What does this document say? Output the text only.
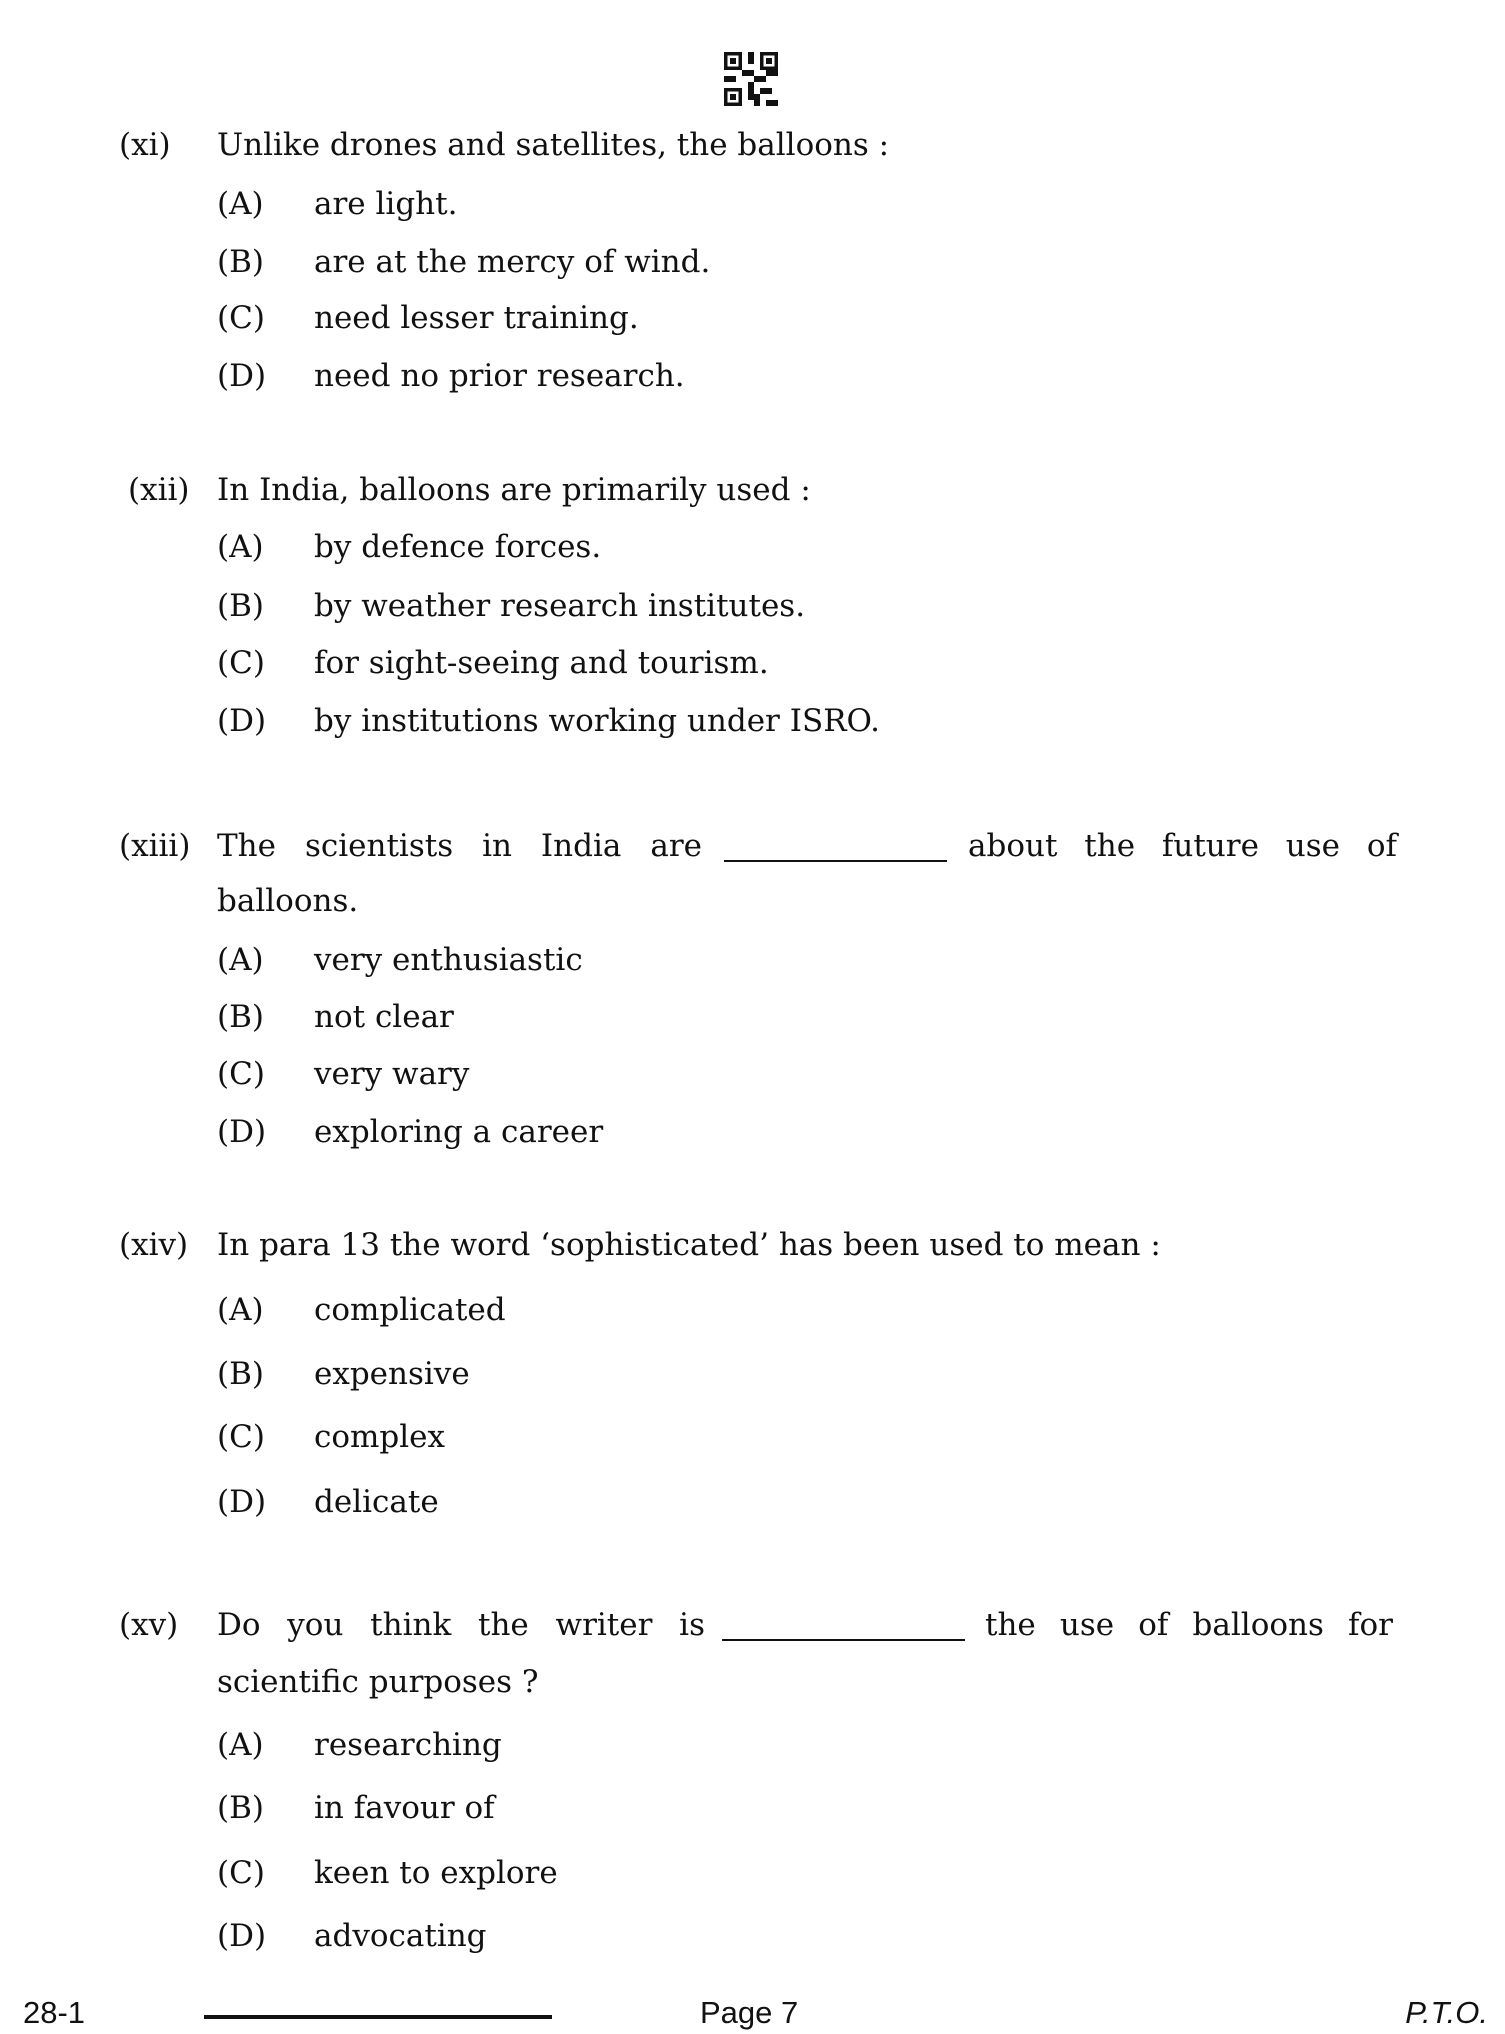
(xi) Unlike drones and satellites, the balloons :
(A) are light.
(B) are at the mercy of wind.
(C) need lesser training.
(D) need no prior research.
(xii) In India, balloons are primarily used :
(A) by defence forces.
(B) by weather research institutes.
(C) for sight-seeing and tourism.
(D) by institutions working under ISRO.
(xiii) The scientists in India are	about the future use of
balloons.
(A) very enthusiastic
(B) not clear
(C) very wary
(D) exploring a career
(xiv) In para 13 the word ‘sophisticated’ has been used to mean :
(A) complicated
(B) expensive
(C) complex
(D) delicate
(xv) Do you think the writer is	the use of balloons for
scientific purposes ?
(A) researching
(B) in favour of
(C) keen to explore
(D) advocating
28-1	Page 7	P.T.O.
